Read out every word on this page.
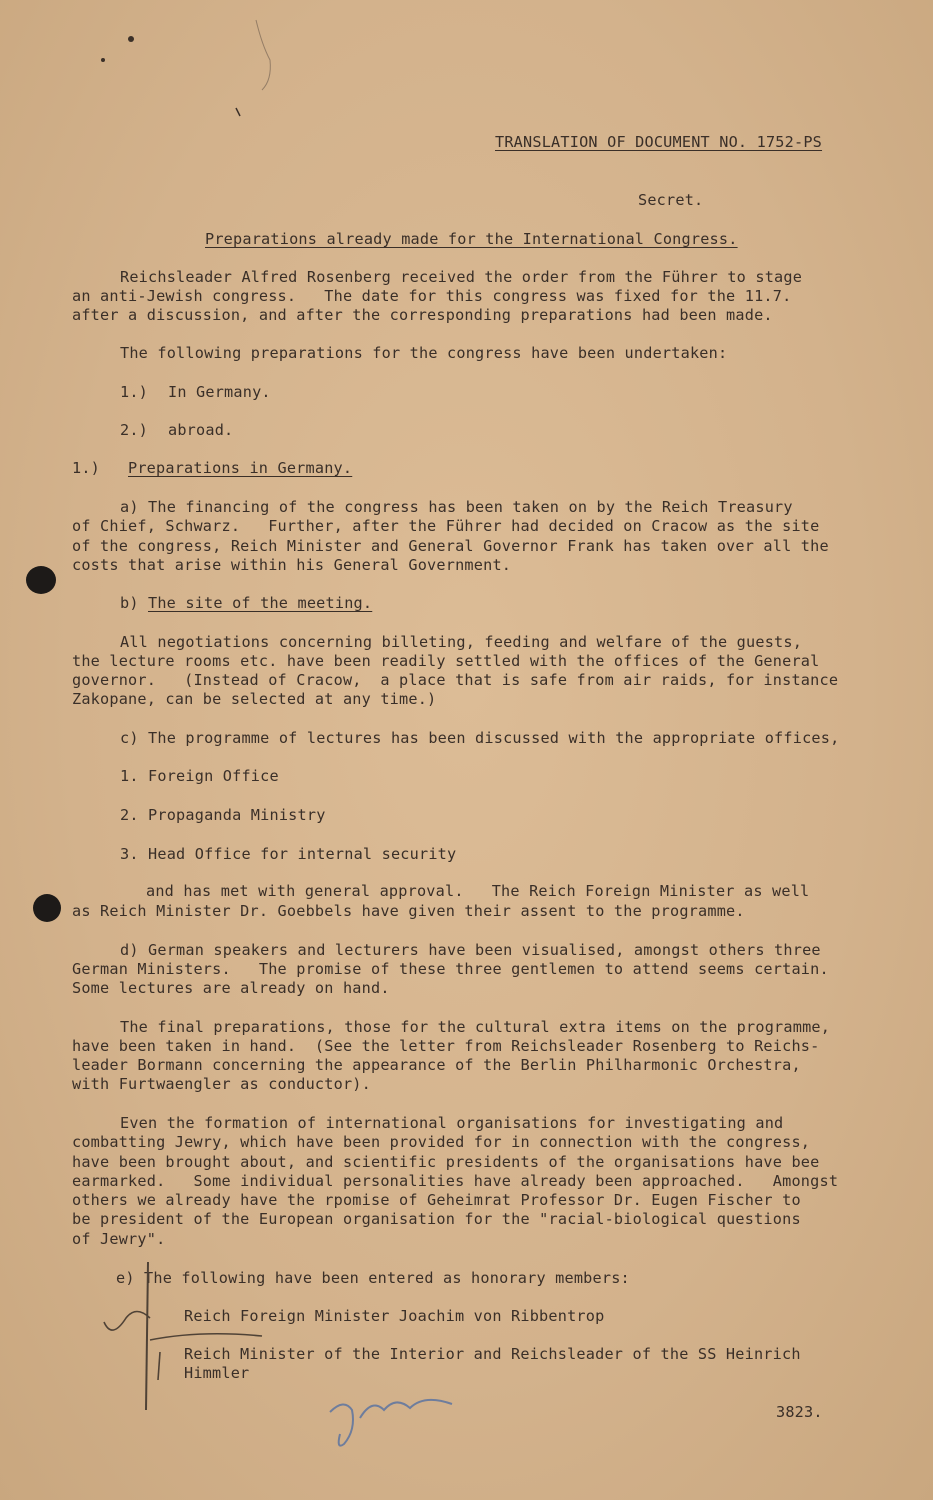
TRANSLATION OF DOCUMENT NO. 1752-PS
Secret.
Preparations already made for the International Congress.
Reichsleader Alfred Rosenberg received the order from the Führer to stage
an anti-Jewish congress.   The date for this congress was fixed for the 11.7.
after a discussion, and after the corresponding preparations had been made.
The following preparations for the congress have been undertaken:
1.) In Germany.
2.) abroad.
1.) Preparations in Germany.
a) The financing of the congress has been taken on by the Reich Treasury
of Chief, Schwarz.   Further, after the Führer had decided on Cracow as the site
of the congress, Reich Minister and General Governor Frank has taken over all the
costs that arise within his General Government.
b) The site of the meeting.
All negotiations concerning billeting, feeding and welfare of the guests,
the lecture rooms etc. have been readily settled with the offices of the General
governor.   (Instead of Cracow,  a place that is safe from air raids, for instance
Zakopane, can be selected at any time.)
c) The programme of lectures has been discussed with the appropriate offices,
1. Foreign Office
2. Propaganda Ministry
3. Head Office for internal security
and has met with general approval.   The Reich Foreign Minister as well
as Reich Minister Dr. Goebbels have given their assent to the programme.
d) German speakers and lecturers have been visualised, amongst others three
German Ministers.   The promise of these three gentlemen to attend seems certain.
Some lectures are already on hand.
The final preparations, those for the cultural extra items on the programme,
have been taken in hand.  (See the letter from Reichsleader Rosenberg to Reichs-
leader Bormann concerning the appearance of the Berlin Philharmonic Orchestra,
with Furtwaengler as conductor).
Even the formation of international organisations for investigating and
combatting Jewry, which have been provided for in connection with the congress,
have been brought about, and scientific presidents of the organisations have bee
earmarked.   Some individual personalities have already been approached.   Amongst
others we already have the rpomise of Geheimrat Professor Dr. Eugen Fischer to
be president of the European organisation for the "racial-biological questions
of Jewry".
e) The following have been entered as honorary members:
Reich Foreign Minister Joachim von Ribbentrop
Reich Minister of the Interior and Reichsleader of the SS Heinrich
Himmler
3823.
